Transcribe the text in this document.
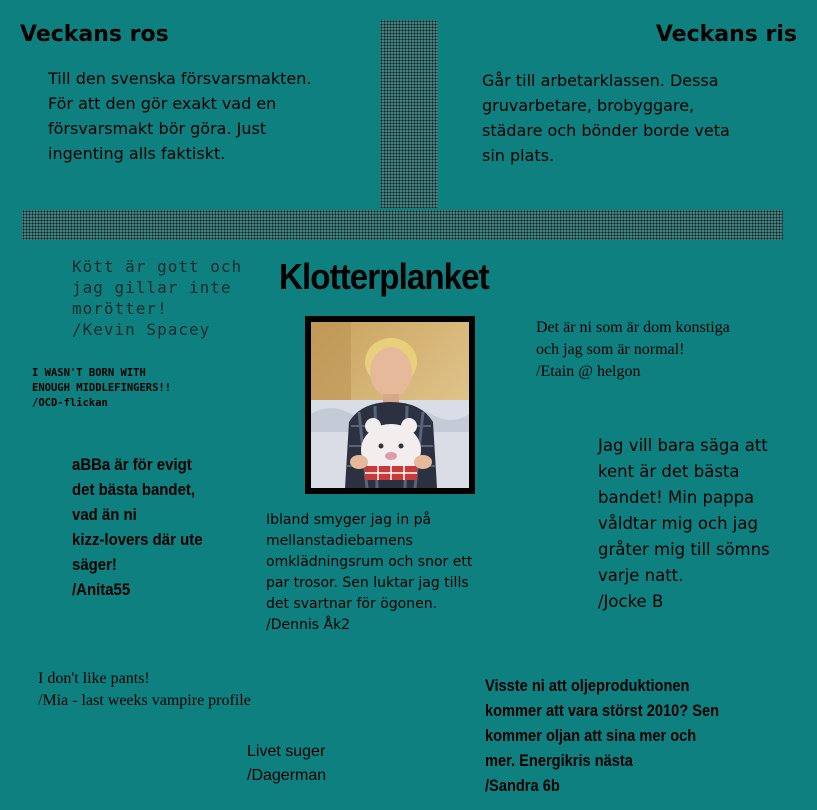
Veckans ros

Till den svenska försvarsmakten.
För att den gör exakt vad en
försvarsmakt bör göra. Just
ingenting alls faktiskt.

Veckans ris

Går till arbetarklassen. Dessa
gruvarbetare, brobyggare,
städare och bönder borde veta
sin plats.

Klotterplanket

Kött är gott och
jag gillar inte
morötter!
/Kevin Spacey

I WASN'T BORN WITH
ENOUGH MIDDLEFINGERS!!
/OCD-flickan

Det är ni som är dom konstiga
och jag som är normal!
/Etain @ helgon

aBBa är för evigt
det bästa bandet,
vad än ni
kizz-lovers där ute
säger!
/Anita55

Jag vill bara säga att
kent är det bästa
bandet! Min pappa
våldtar mig och jag
gråter mig till sömns
varje natt.
/Jocke B

Ibland smyger jag in på
mellanstadiebarnens
omklädningsrum och snor ett
par trosor. Sen luktar jag tills
det svartnar för ögonen.
/Dennis Åk2

I don't like pants!
/Mia - last weeks vampire profile

Livet suger
/Dagerman

Visste ni att oljeproduktionen
kommer att vara störst 2010? Sen
kommer oljan att sina mer och
mer. Energikris nästa
/Sandra 6b
